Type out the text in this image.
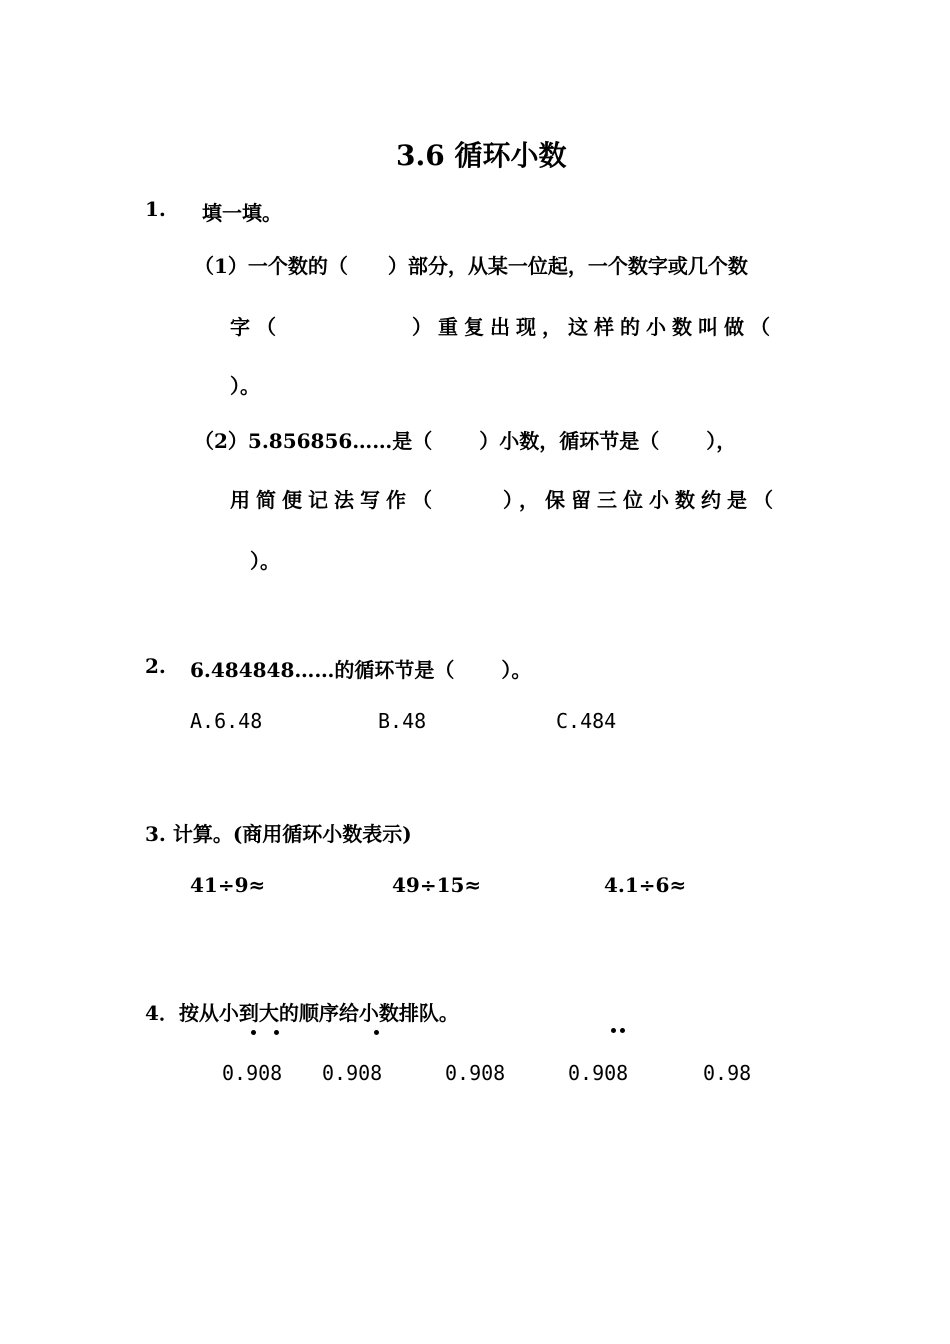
3.6 循环小数
1. 填一填。
（1）一个数的（　　）部分，从某一位起，一个数字或几个数
字（　　　　　）重复出现，这样的小数叫做（
）。
（2）5.856856……是（　　 ）小数，循环节是（　　 ），
用简便记法写作（　　 ），保留三位小数约是（
）。
2. 6.484848……的循环节是（　　 ）。
A.6.48	B.48	C.484
3. 计算。(商用循环小数表示)
41÷9≈	49÷15≈	4.1÷6≈
4．按从小到大的顺序给小数排队。
0.908 0.908	0.908	0.908	0.98
